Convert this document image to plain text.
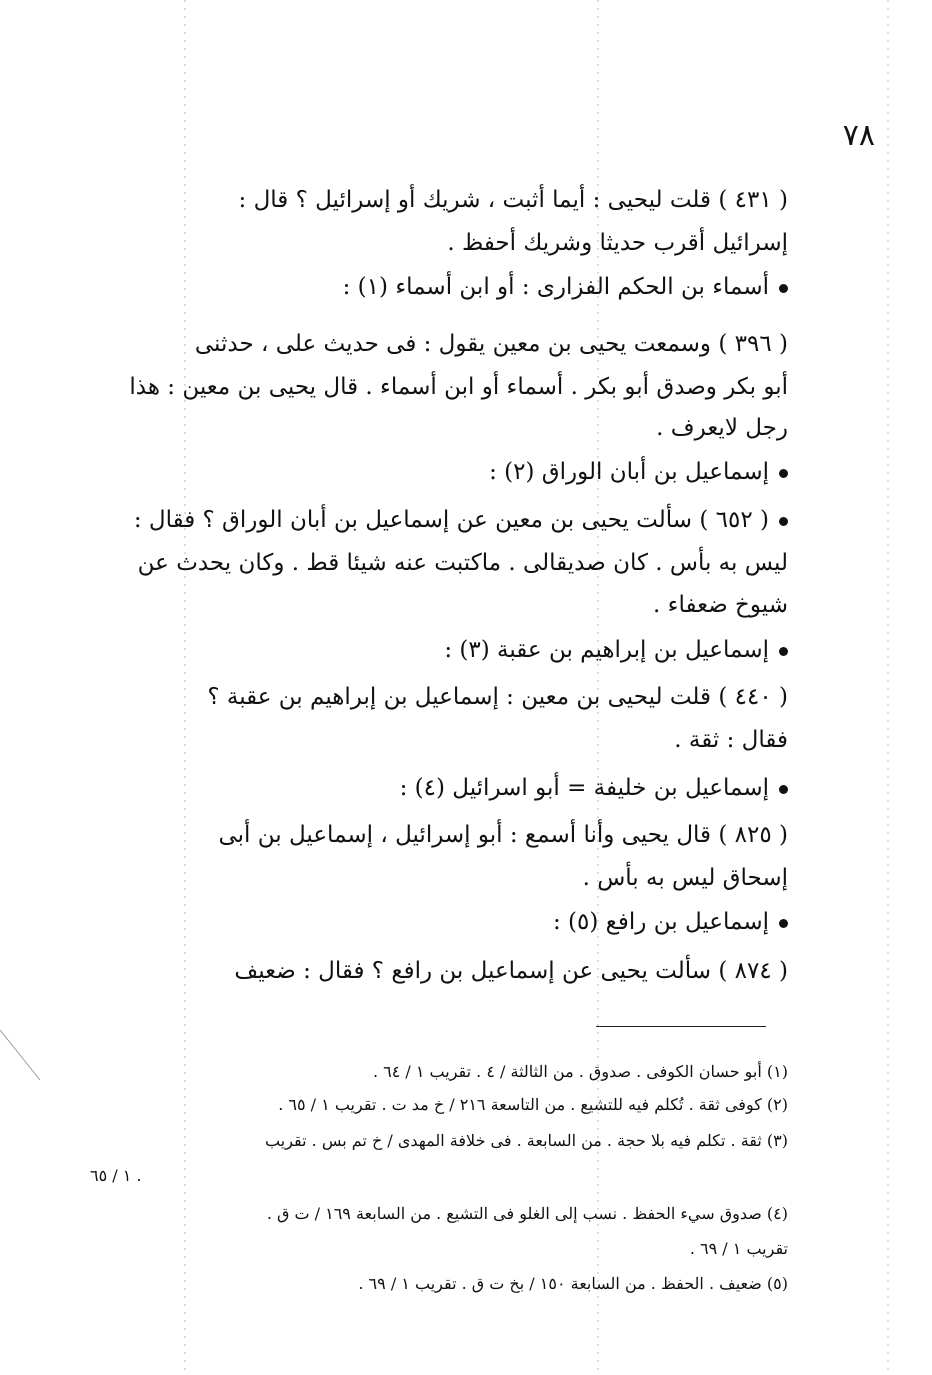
٧٨
( ٤٣١ ) قلت ليحيى : أيما أثبت ، شريك أو إسرائيل ؟ قال :
إسرائيل أقرب حديثا وشريك أحفظ .
أسماء بن الحكم الفزارى : أو ابن أسماء (١) :
( ٣٩٦ ) وسمعت يحيى بن معين يقول : فى حديث على ، حدثنى
أبو بكر وصدق أبو بكر . أسماء أو ابن أسماء . قال يحيى بن معين : هذا
رجل لايعرف .
إسماعيل بن أبان الوراق (٢) :
( ٦٥٢ ) سألت يحيى بن معين عن إسماعيل بن أبان الوراق ؟ فقال :
ليس به بأس . كان صديقالى . ماكتبت عنه شيئا قط . وكان يحدث عن
شيوخ ضعفاء .
إسماعيل بن إبراهيم بن عقبة (٣) :
( ٤٤٠ ) قلت ليحيى بن معين : إسماعيل بن إبراهيم بن عقبة ؟
فقال : ثقة .
إسماعيل بن خليفة = أبو اسرائيل (٤) :
( ٨٢٥ ) قال يحيى وأنا أسمع : أبو إسرائيل ، إسماعيل بن أبى
إسحاق ليس به بأس .
إسماعيل بن رافع (٥) :
( ٨٧٤ ) سألت يحيى عن إسماعيل بن رافع ؟ فقال : ضعيف
(١) أبو حسان الكوفى . صدوق . من الثالثة / ٤ . تقريب ١ / ٦٤ .
(٢) كوفى ثقة . تُكلم فيه للتشيع . من التاسعة ٢١٦ / خ مد ت . تقريب ١ / ٦٥ .
(٣) ثقة . تكلم فيه بلا حجة . من السابعة . فى خلافة المهدى / خ تم بس . تقريب
١ / ٦٥ .
(٤) صدوق سيء الحفظ . نسب إلى الغلو فى التشيع . من السابعة ١٦٩ / ت ق .
تقريب ١ / ٦٩ .
(٥) ضعيف . الحفظ . من السابعة ١٥٠ / بخ ت ق . تقريب ١ / ٦٩ .
